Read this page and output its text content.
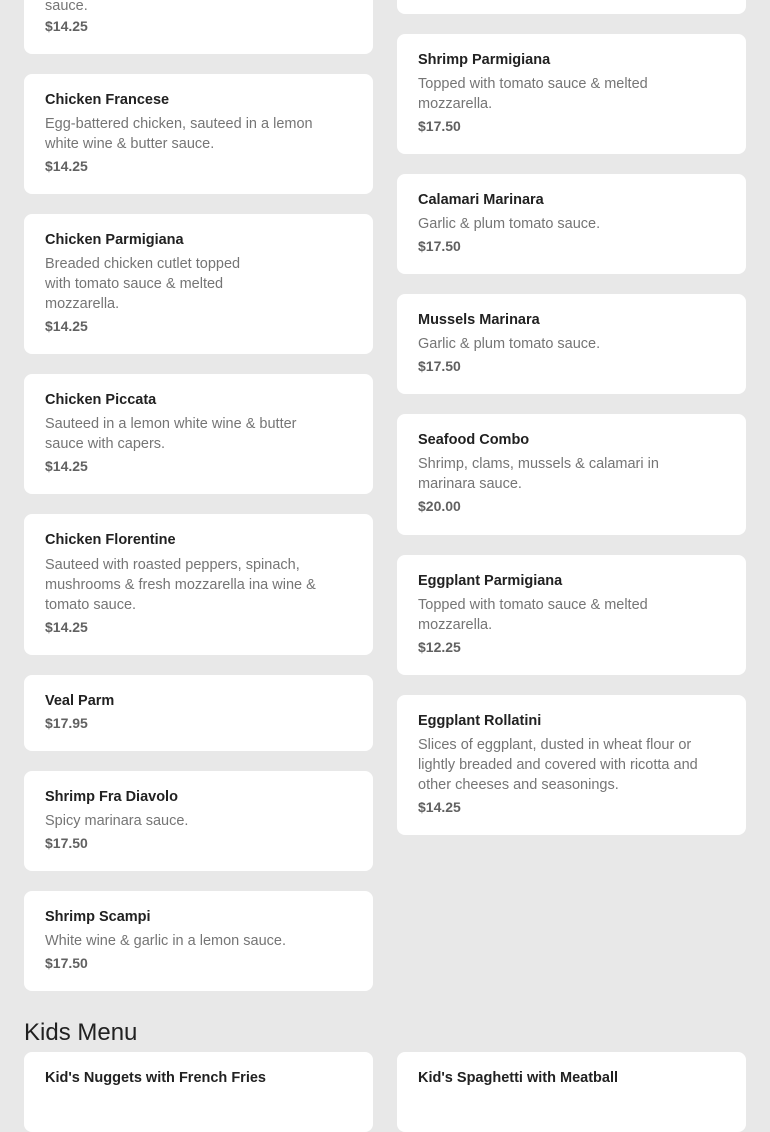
sauce.
$14.25
Chicken Francese
Egg-battered chicken, sauteed in a lemon white wine & butter sauce.
$14.25
Chicken Parmigiana
Breaded chicken cutlet topped with tomato sauce & melted mozzarella.
$14.25
Chicken Piccata
Sauteed in a lemon white wine & butter sauce with capers.
$14.25
Chicken Florentine
Sauteed with roasted peppers, spinach, mushrooms & fresh mozzarella ina wine & tomato sauce.
$14.25
Veal Parm
$17.95
Shrimp Fra Diavolo
Spicy marinara sauce.
$17.50
Shrimp Scampi
White wine & garlic in a lemon sauce.
$17.50
Shrimp Parmigiana
Topped with tomato sauce & melted mozzarella.
$17.50
Calamari Marinara
Garlic & plum tomato sauce.
$17.50
Mussels Marinara
Garlic & plum tomato sauce.
$17.50
Seafood Combo
Shrimp, clams, mussels & calamari in marinara sauce.
$20.00
Eggplant Parmigiana
Topped with tomato sauce & melted mozzarella.
$12.25
Eggplant Rollatini
Slices of eggplant, dusted in wheat flour or lightly breaded and covered with ricotta and other cheeses and seasonings.
$14.25
Kids Menu
Kid's Nuggets with French Fries	Kid's Spaghetti with Meatball
